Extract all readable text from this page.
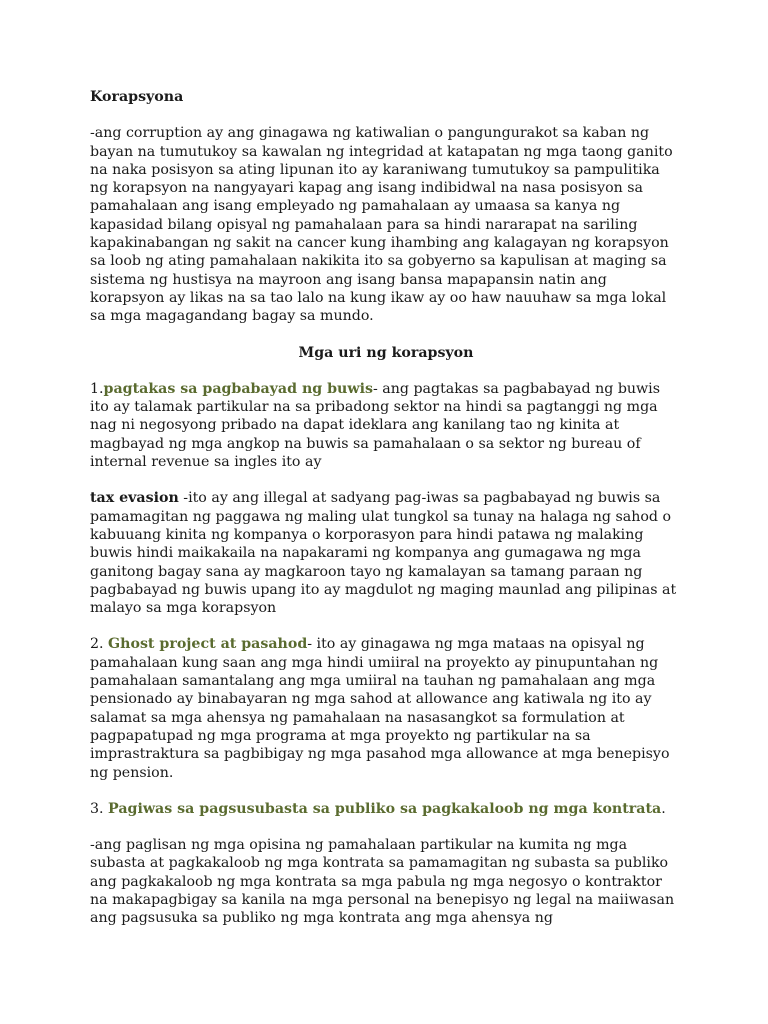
Korapsyona

-ang corruption ay ang ginagawa ng katiwalian o pangungurakot sa kaban ng bayan na tumutukoy sa kawalan ng integridad at katapatan ng mga taong ganito na naka posisyon sa ating lipunan ito ay karaniwang tumutukoy sa pampulitika ng korapsyon na nangyayari kapag ang isang indibidwal na nasa posisyon sa pamahalaan ang isang empleyado ng pamahalaan ay umaasa sa kanya ng kapasidad bilang opisyal ng pamahalaan para sa hindi nararapat na sariling kapakinabangan ng sakit na cancer kung ihambing ang kalagayan ng korapsyon sa loob ng ating pamahalaan nakikita ito sa gobyerno sa kapulisan at maging sa sistema ng hustisya na mayroon ang isang bansa mapapansin natin ang korapsyon ay likas na sa tao lalo na kung ikaw ay oo haw nauuhaw sa mga lokal sa mga magagandang bagay sa mundo.

Mga uri ng korapsyon

1.pagtakas sa pagbabayad ng buwis- ang pagtakas sa pagbabayad ng buwis ito ay talamak partikular na sa pribadong sektor na hindi sa pagtanggi ng mga nag ni negosyong pribado na dapat ideklara ang kanilang tao ng kinita at magbayad ng mga angkop na buwis sa pamahalaan o sa sektor ng bureau of internal revenue sa ingles ito ay

tax evasion -ito ay ang illegal at sadyang pag-iwas sa pagbabayad ng buwis sa pamamagitan ng paggawa ng maling ulat tungkol sa tunay na halaga ng sahod o kabuuang kinita ng kompanya o korporasyon para hindi patawa ng malaking buwis hindi maikakaila na napakarami ng kompanya ang gumagawa ng mga ganitong bagay sana ay magkaroon tayo ng kamalayan sa tamang paraan ng pagbabayad ng buwis upang ito ay magdulot ng maging maunlad ang pilipinas at malayo sa mga korapsyon

2. Ghost project at pasahod- ito ay ginagawa ng mga mataas na opisyal ng pamahalaan kung saan ang mga hindi umiiral na proyekto ay pinupuntahan ng pamahalaan samantalang ang mga umiiral na tauhan ng pamahalaan ang mga pensionado ay binabayaran ng mga sahod at allowance ang katiwala ng ito ay salamat sa mga ahensya ng pamahalaan na nasasangkot sa formulation at pagpapatupad ng mga programa at mga proyekto ng partikular na sa imprastraktura sa pagbibigay ng mga pasahod mga allowance at mga benepisyo ng pension.

3. Pagiwas sa pagsusubasta sa publiko sa pagkakaloob ng mga kontrata.

-ang paglisan ng mga opisina ng pamahalaan partikular na kumita ng mga subasta at pagkakaloob ng mga kontrata sa pamamagitan ng subasta sa publiko ang pagkakaloob ng mga kontrata sa mga pabula ng mga negosyo o kontraktor na makapagbigay sa kanila na mga personal na benepisyo ng legal na maiiwasan ang pagsusuka sa publiko ng mga kontrata ang mga ahensya ng
